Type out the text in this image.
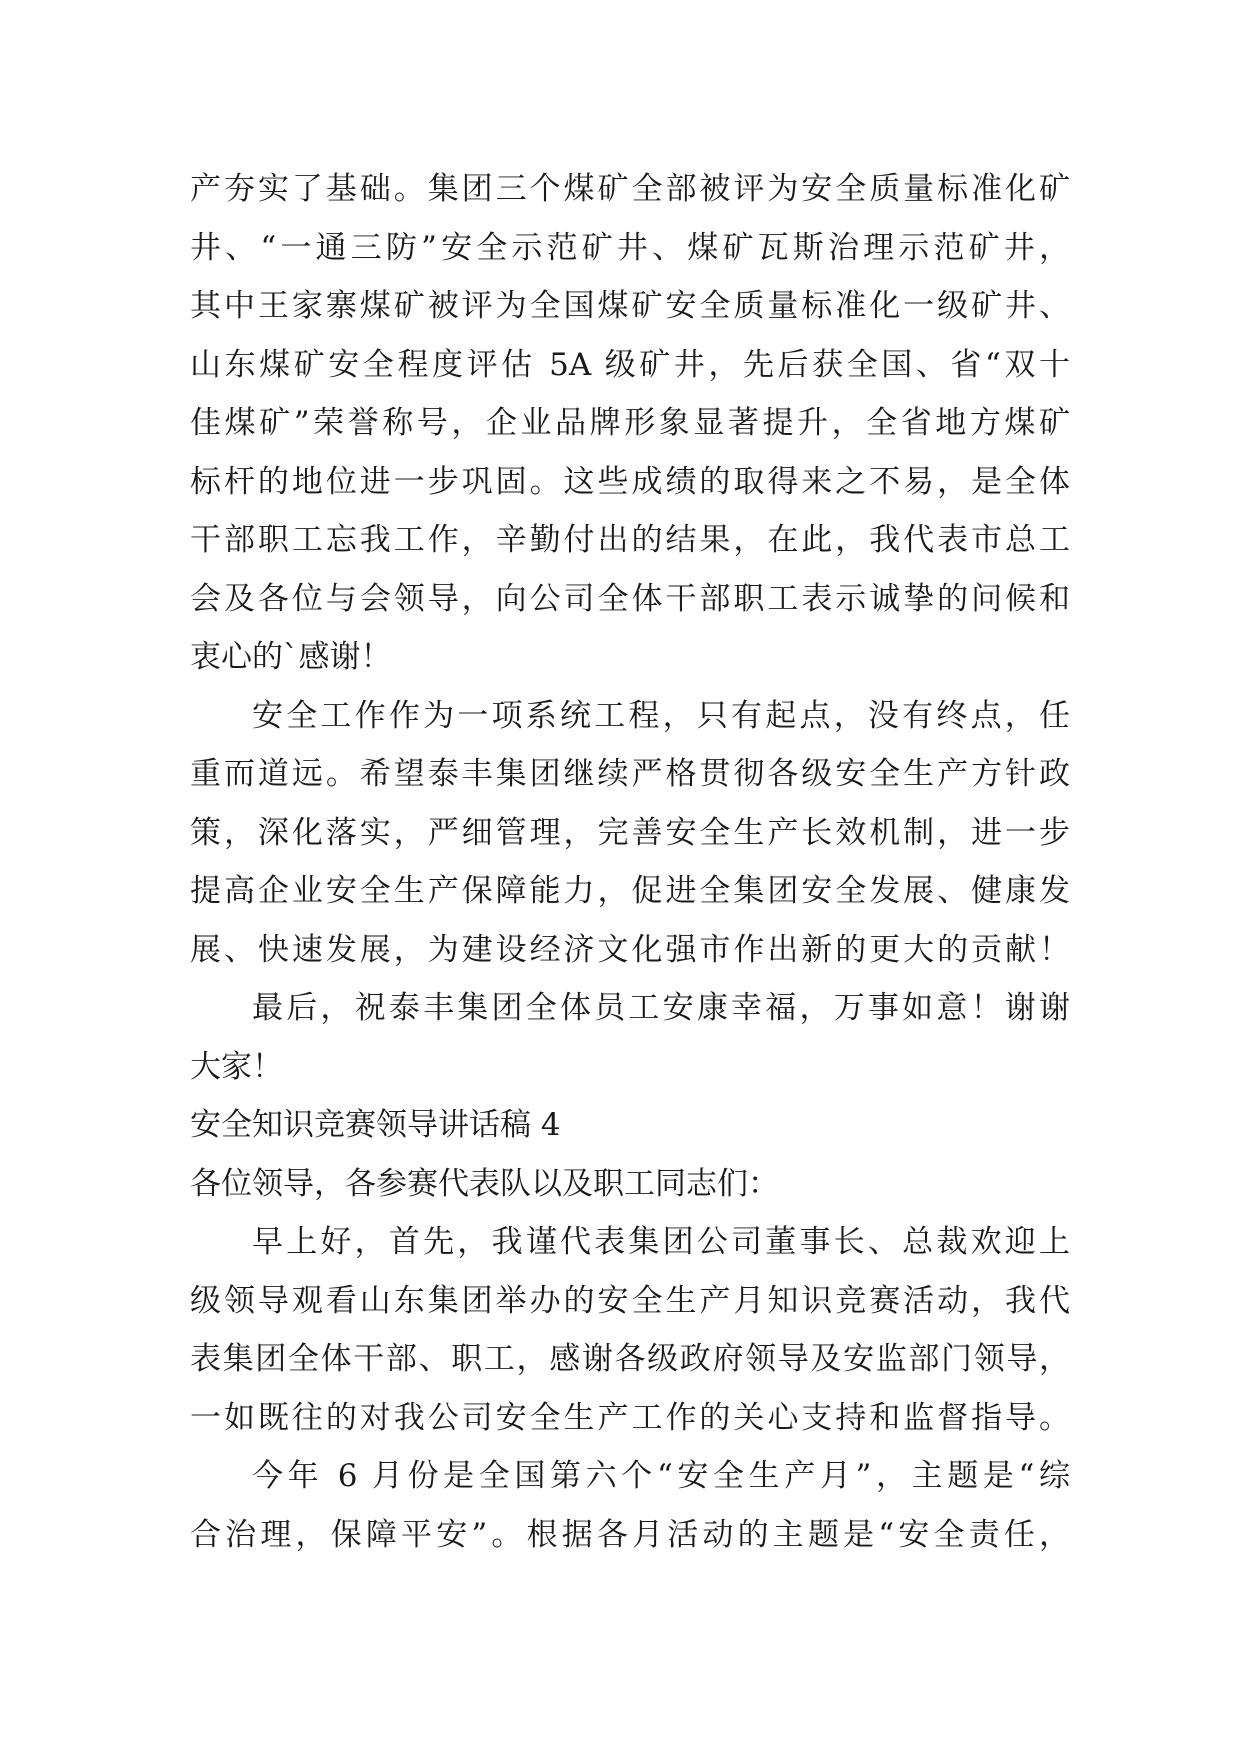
产夯实了基础。集团三个煤矿全部被评为安全质量标准化矿
井、“一通三防”安全示范矿井、煤矿瓦斯治理示范矿井，
其中王家寨煤矿被评为全国煤矿安全质量标准化一级矿井、
山东煤矿安全程度评估 5A 级矿井，先后获全国、省“双十
佳煤矿”荣誉称号，企业品牌形象显著提升，全省地方煤矿
标杆的地位进一步巩固。这些成绩的取得来之不易，是全体
干部职工忘我工作，辛勤付出的结果，在此，我代表市总工
会及各位与会领导，向公司全体干部职工表示诚挚的问候和
衷心的`感谢！
安全工作作为一项系统工程，只有起点，没有终点，任
重而道远。希望泰丰集团继续严格贯彻各级安全生产方针政
策，深化落实，严细管理，完善安全生产长效机制，进一步
提高企业安全生产保障能力，促进全集团安全发展、健康发
展、快速发展，为建设经济文化强市作出新的更大的贡献！
最后，祝泰丰集团全体员工安康幸福，万事如意！谢谢
大家！
安全知识竞赛领导讲话稿 4
各位领导，各参赛代表队以及职工同志们：
早上好，首先，我谨代表集团公司董事长、总裁欢迎上
级领导观看山东集团举办的安全生产月知识竞赛活动，我代
表集团全体干部、职工，感谢各级政府领导及安监部门领导，
一如既往的对我公司安全生产工作的关心支持和监督指导。
今年 6 月份是全国第六个“安全生产月”，主题是“综
合治理，保障平安”。根据各月活动的主题是“安全责任，
